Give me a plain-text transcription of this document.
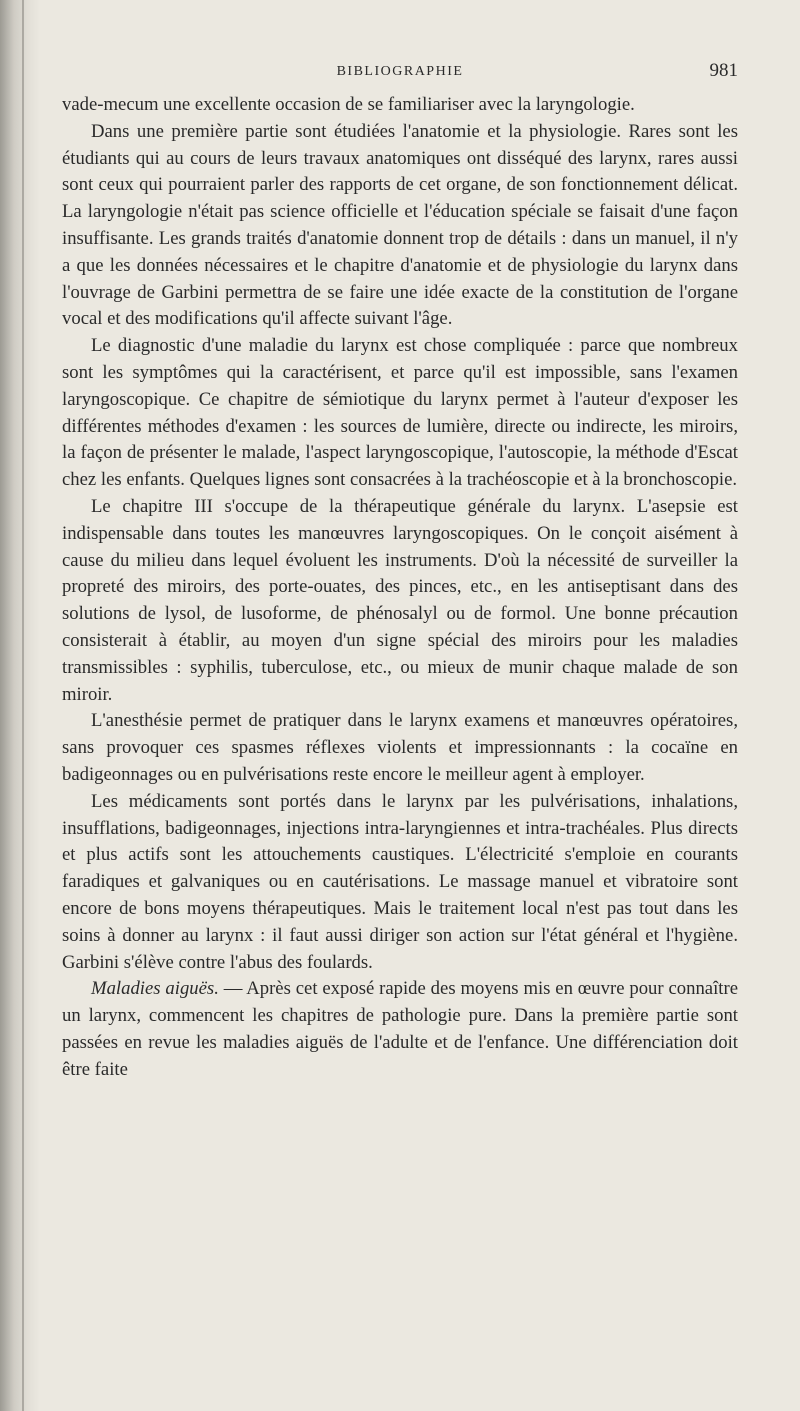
BIBLIOGRAPHIE	981

vade-mecum une excellente occasion de se familiariser avec la laryngologie.

Dans une première partie sont étudiées l'anatomie et la physiologie. Rares sont les étudiants qui au cours de leurs travaux anatomiques ont disséqué des larynx, rares aussi sont ceux qui pourraient parler des rapports de cet organe, de son fonctionnement délicat. La laryngologie n'était pas science officielle et l'éducation spéciale se faisait d'une façon insuffisante. Les grands traités d'anatomie donnent trop de détails : dans un manuel, il n'y a que les données nécessaires et le chapitre d'anatomie et de physiologie du larynx dans l'ouvrage de Garbini permettra de se faire une idée exacte de la constitution de l'organe vocal et des modifications qu'il affecte suivant l'âge.

Le diagnostic d'une maladie du larynx est chose compliquée : parce que nombreux sont les symptômes qui la caractérisent, et parce qu'il est impossible, sans l'examen laryngoscopique. Ce chapitre de sémiotique du larynx permet à l'auteur d'exposer les différentes méthodes d'examen : les sources de lumière, directe ou indirecte, les miroirs, la façon de présenter le malade, l'aspect laryngoscopique, l'autoscopie, la méthode d'Escat chez les enfants. Quelques lignes sont consacrées à la trachéoscopie et à la bronchoscopie.

Le chapitre III s'occupe de la thérapeutique générale du larynx. L'asepsie est indispensable dans toutes les manœuvres laryngoscopiques. On le conçoit aisément à cause du milieu dans lequel évoluent les instruments. D'où la nécessité de surveiller la propreté des miroirs, des porte-ouates, des pinces, etc., en les antiseptisant dans des solutions de lysol, de lusoforme, de phénosalyl ou de formol. Une bonne précaution consisterait à établir, au moyen d'un signe spécial des miroirs pour les maladies transmissibles : syphilis, tuberculose, etc., ou mieux de munir chaque malade de son miroir.

L'anesthésie permet de pratiquer dans le larynx examens et manœuvres opératoires, sans provoquer ces spasmes réflexes violents et impressionnants : la cocaïne en badigeonnages ou en pulvérisations reste encore le meilleur agent à employer.

Les médicaments sont portés dans le larynx par les pulvérisations, inhalations, insufflations, badigeonnages, injections intra-laryngiennes et intra-trachéales. Plus directs et plus actifs sont les attouchements caustiques. L'électricité s'emploie en courants faradiques et galvaniques ou en cautérisations. Le massage manuel et vibratoire sont encore de bons moyens thérapeutiques. Mais le traitement local n'est pas tout dans les soins à donner au larynx : il faut aussi diriger son action sur l'état général et l'hygiène. Garbini s'élève contre l'abus des foulards.

Maladies aiguës. — Après cet exposé rapide des moyens mis en œuvre pour connaître un larynx, commencent les chapitres de pathologie pure. Dans la première partie sont passées en revue les maladies aiguës de l'adulte et de l'enfance. Une différenciation doit être faite
